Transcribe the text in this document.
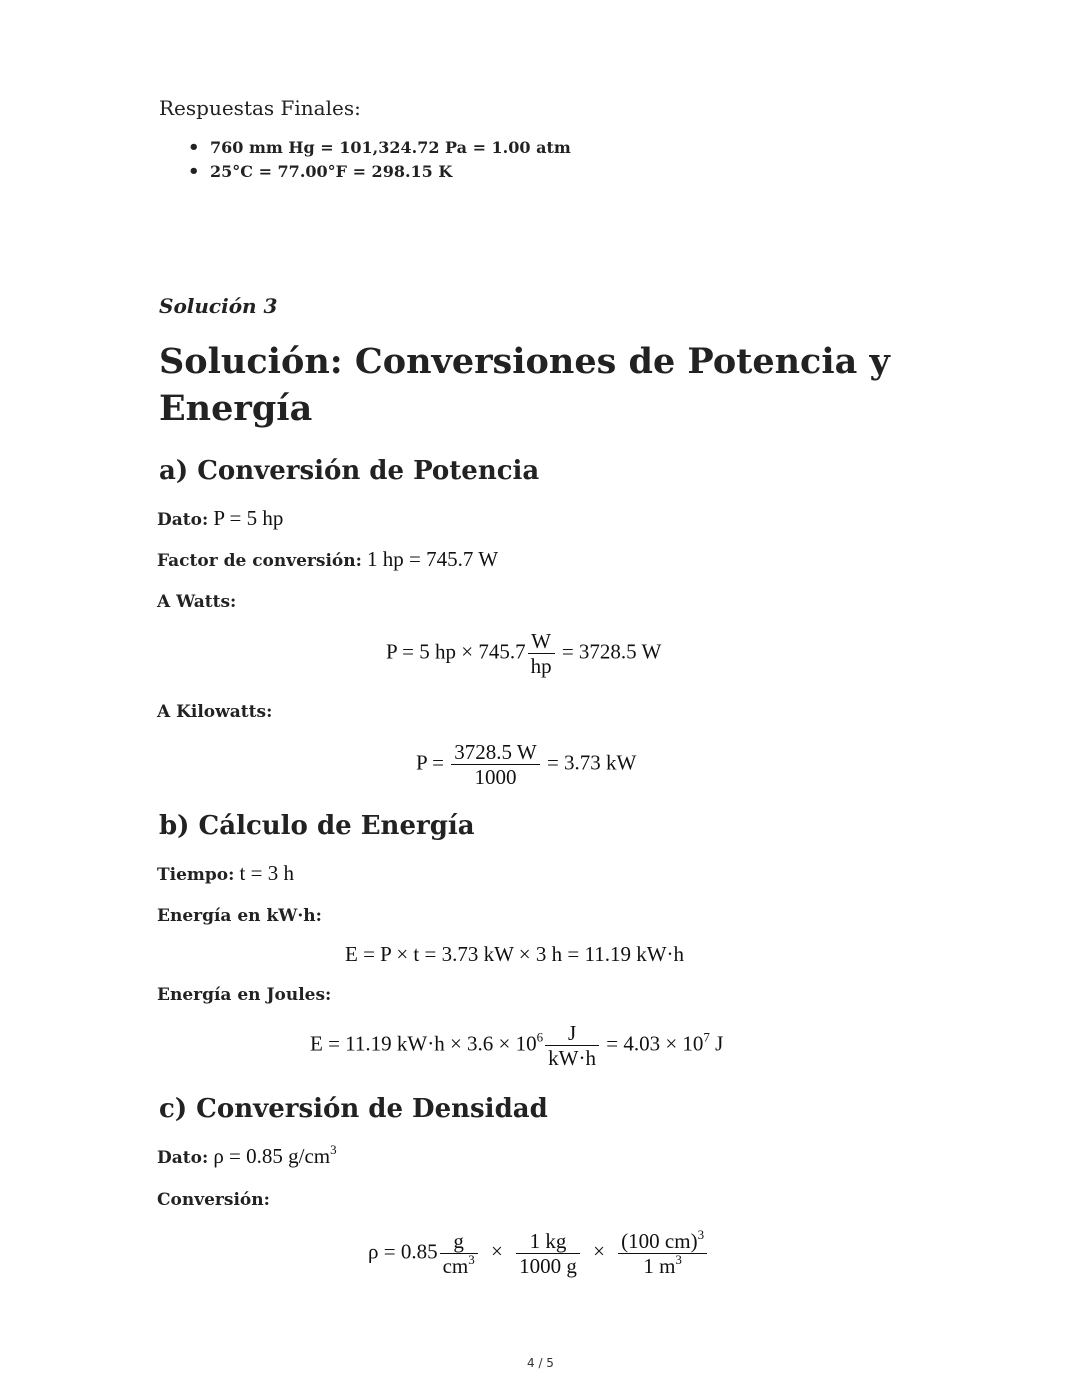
Respuestas Finales:
• 760 mm Hg = 101,324.72 Pa = 1.00 atm
• 25°C = 77.00°F = 298.15 K
Solución 3
Solución: Conversiones de Potencia y
Energía
a) Conversión de Potencia
Dato: P = 5 hp
Factor de conversión: 1 hp = 745.7 W
A Watts:
P = 5 hp × $745.7 \frac{W}{hp} = 3728.5$ W
A Kilowatts:
$P = \frac{3728.5 W}{1000} = 3.73$ kW
b) Cálculo de Energía
Tiempo: t = 3 h
Energía en kW·h:
E = P × t = 3.73 kW × 3 h = 11.19 kW·h
Energía en Joules:
E = 11.19 $kW\cdot h \times 3.6 \times 10^6 \frac{J}{kW\cdot h} = 4.03 \times 10^7$ J
c) Conversión de Densidad
Dato: ρ = 0.85 $g/cm^3$
Conversión:
$\rho = 0.85 \frac{g}{cm^3} \times \frac{1 kg}{1000 g} \times \frac{(100 cm)^3}{1 m^3}$
4 / 5
